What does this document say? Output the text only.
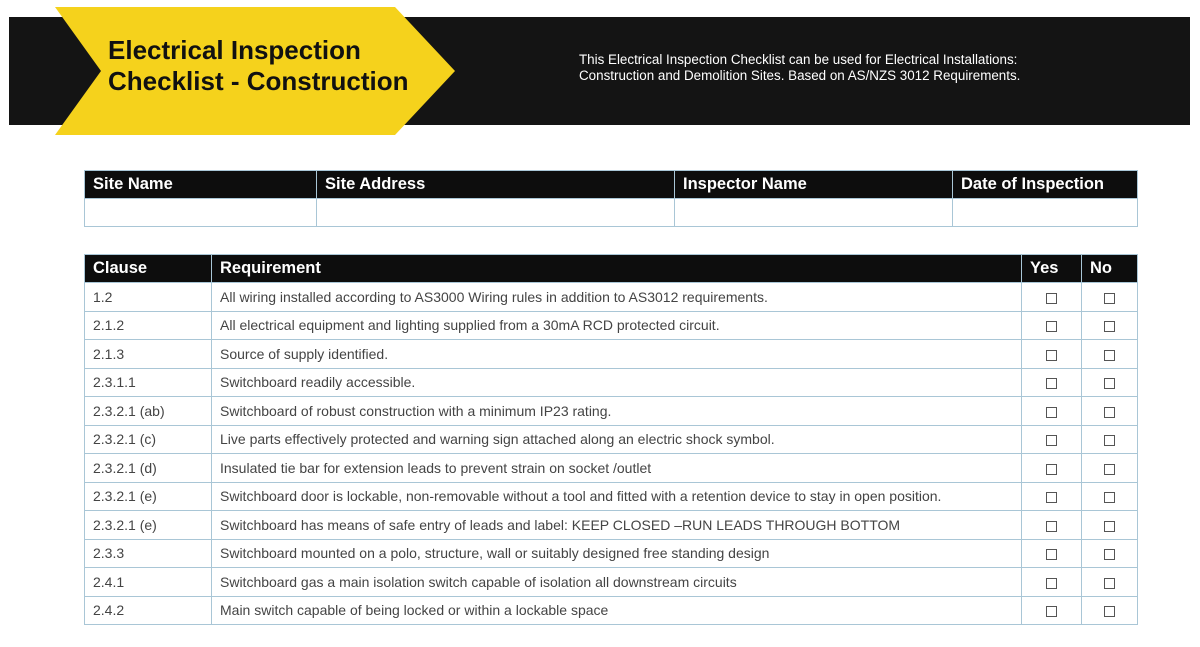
Electrical Inspection
Checklist - Construction

This Electrical Inspection Checklist can be used for Electrical Installations:
Construction and Demolition Sites. Based on AS/NZS 3012 Requirements.

Site Name	Site Address	Inspector Name	Date of Inspection

Clause	Requirement	Yes	No
1.2	All wiring installed according to AS3000 Wiring rules in addition to AS3012 requirements.		
2.1.2	All electrical equipment and lighting supplied from a 30mA RCD protected circuit.		
2.1.3	Source of supply identified.		
2.3.1.1	Switchboard readily accessible.		
2.3.2.1 (ab)	Switchboard of robust construction with a minimum IP23 rating.		
2.3.2.1 (c)	Live parts effectively protected and warning sign attached along an electric shock symbol.		
2.3.2.1 (d)	Insulated tie bar for extension leads to prevent strain on socket /outlet		
2.3.2.1 (e)	Switchboard door is lockable, non-removable without a tool and fitted with a retention device to stay in open position.		
2.3.2.1 (e)	Switchboard has means of safe entry of leads and label: KEEP CLOSED –RUN LEADS THROUGH BOTTOM		
2.3.3	Switchboard mounted on a polo, structure, wall or suitably designed free standing design		
2.4.1	Switchboard gas a main isolation switch capable of isolation all downstream circuits		
2.4.2	Main switch capable of being locked or within a lockable space		
